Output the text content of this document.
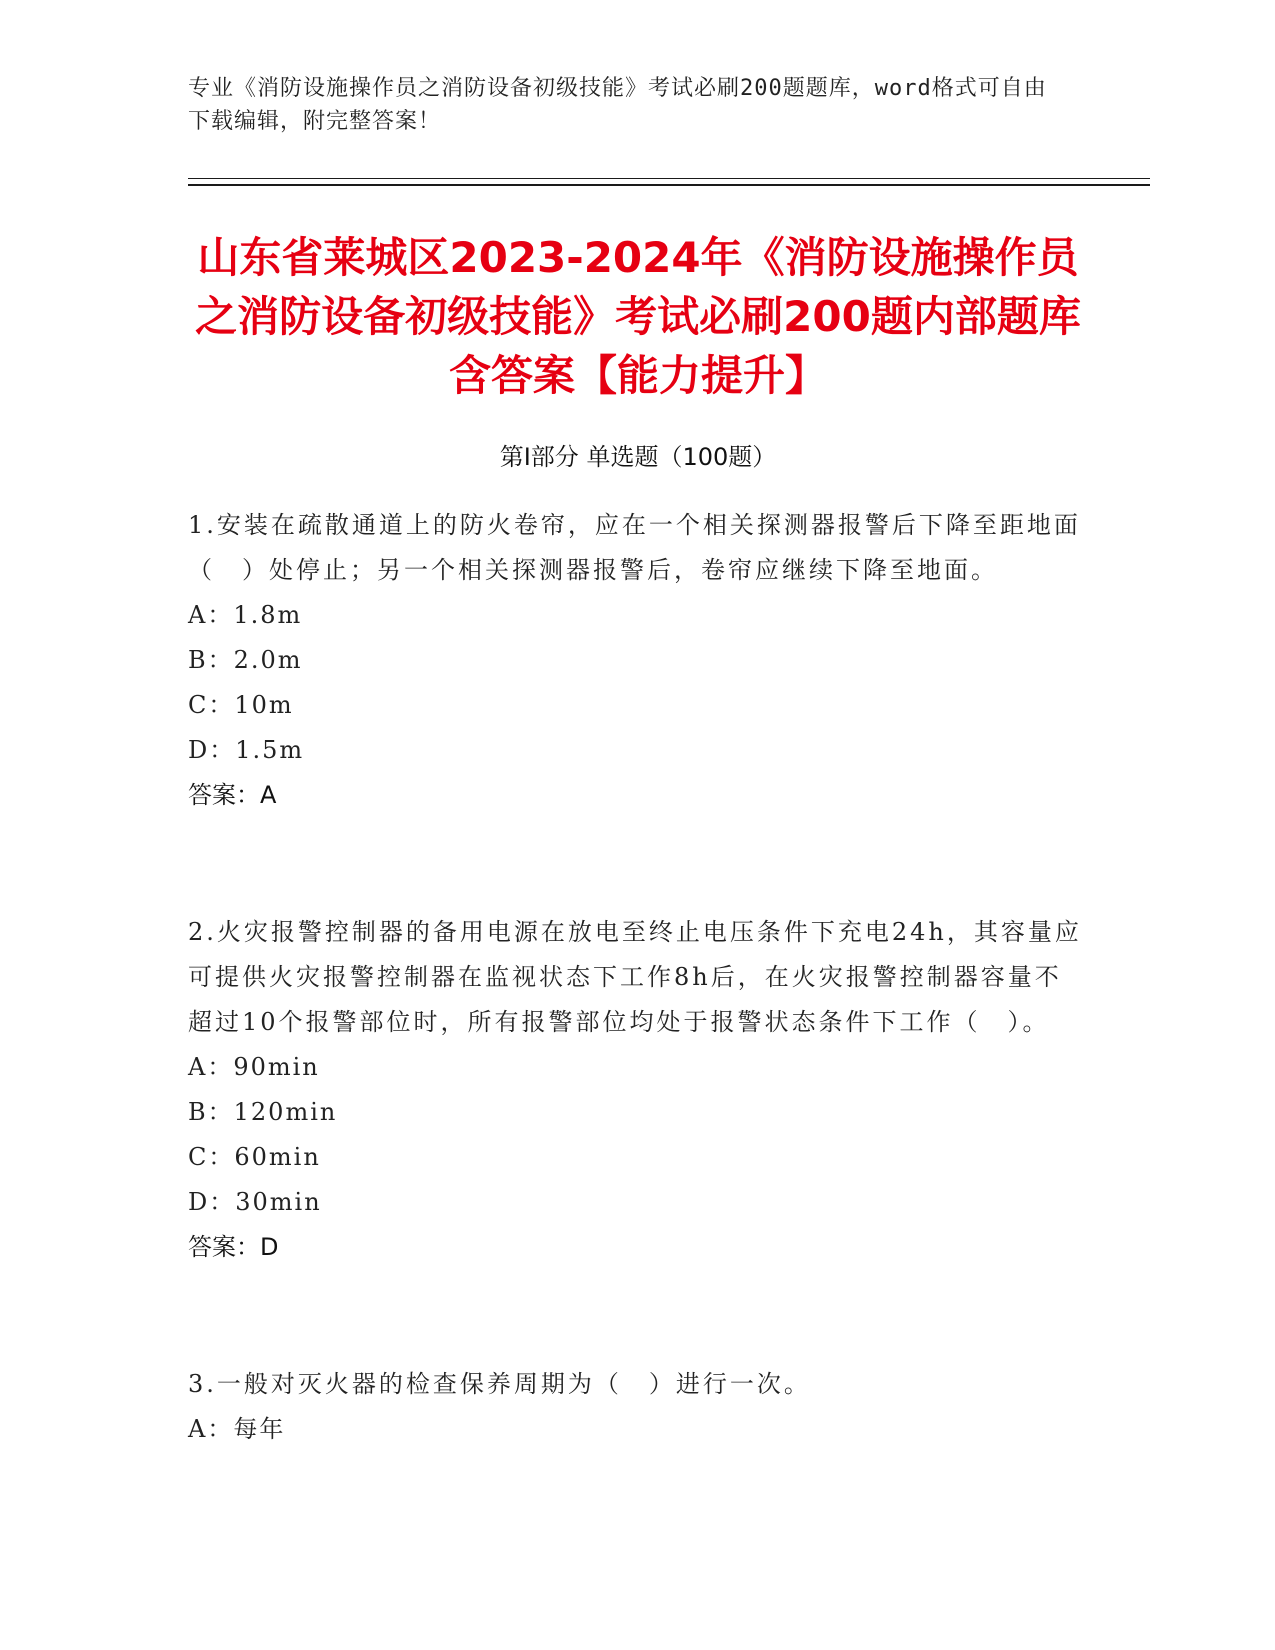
专业《消防设施操作员之消防设备初级技能》考试必刷200题题库，word格式可自由下载编辑，附完整答案！
山东省莱城区2023-2024年《消防设施操作员之消防设备初级技能》考试必刷200题内部题库含答案【能力提升】
第I部分 单选题（100题）
1.安装在疏散通道上的防火卷帘，应在一个相关探测器报警后下降至距地面（　）处停止；另一个相关探测器报警后，卷帘应继续下降至地面。
A：1.8m
B：2.0m
C：10m
D：1.5m
答案：A
2.火灾报警控制器的备用电源在放电至终止电压条件下充电24h，其容量应可提供火灾报警控制器在监视状态下工作8h后，在火灾报警控制器容量不超过10个报警部位时，所有报警部位均处于报警状态条件下工作（　）。
A：90min
B：120min
C：60min
D：30min
答案：D
3.一般对灭火器的检查保养周期为（　）进行一次。
A：每年
